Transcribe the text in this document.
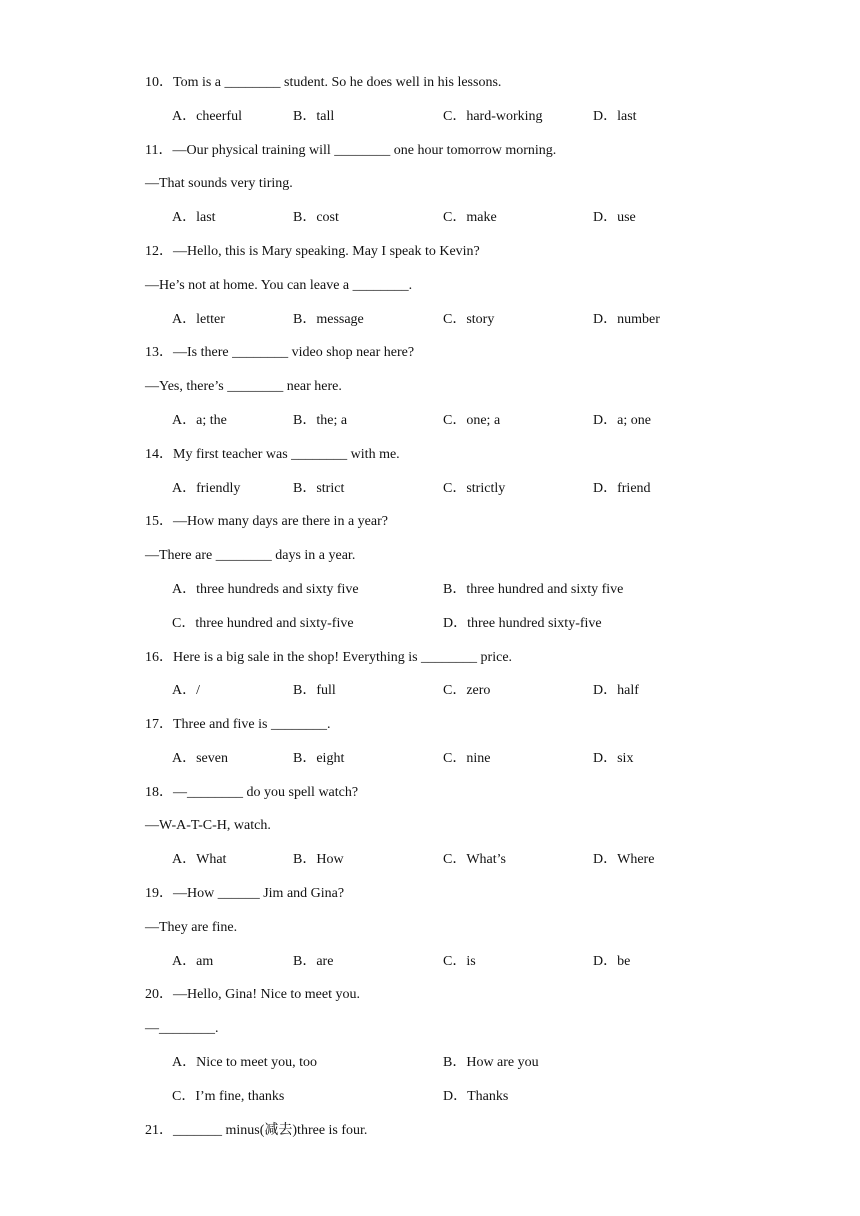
10．Tom is a ________ student. So he does well in his lessons.
A．cheerful	B．tall	C．hard-working	D．last
11．—Our physical training will ________ one hour tomorrow morning.
—That sounds very tiring.
A．last	B．cost	C．make	D．use
12．—Hello, this is Mary speaking. May I speak to Kevin?
—He’s not at home. You can leave a ________.
A．letter	B．message	C．story	D．number
13．—Is there ________ video shop near here?
—Yes, there’s ________ near here.
A．a; the	B．the; a	C．one; a	D．a; one
14．My first teacher was ________ with me.
A．friendly	B．strict	C．strictly	D．friend
15．—How many days are there in a year?
—There are ________ days in a year.
A．three hundreds and sixty five	B．three hundred and sixty five
C．three hundred and sixty-five	D．three hundred sixty-five
16．Here is a big sale in the shop! Everything is ________ price.
A．/	B．full	C．zero	D．half
17．Three and five is ________.
A．seven	B．eight	C．nine	D．six
18．—________ do you spell watch?
—W-A-T-C-H, watch.
A．What	B．How	C．What’s	D．Where
19．—How ______ Jim and Gina?
—They are fine.
A．am	B．are	C．is	D．be
20．—Hello, Gina! Nice to meet you.
—________.
A．Nice to meet you, too	B．How are you
C．I’m fine, thanks	D．Thanks
21．_______ minus(减去)three is four.
